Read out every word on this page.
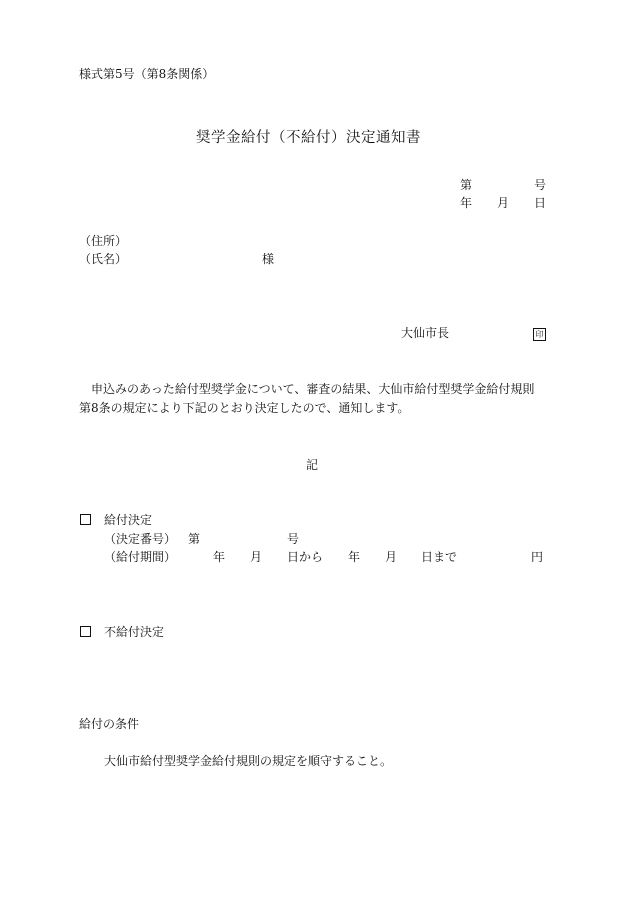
様式第5号（第8条関係）
奨学金給付（不給付）決定通知書
第	号
年 月 日
（住所）
（氏名）	様
大仙市長	印
申込みのあった給付型奨学金について、審査の結果、大仙市給付型奨学金給付規則
第8条の規定により下記のとおり決定したので、通知します。
記
給付決定
（決定番号） 第	号
（給付期間）	年 月 日から 年 月 日まで	円
不給付決定
給付の条件
大仙市給付型奨学金給付規則の規定を順守すること。
